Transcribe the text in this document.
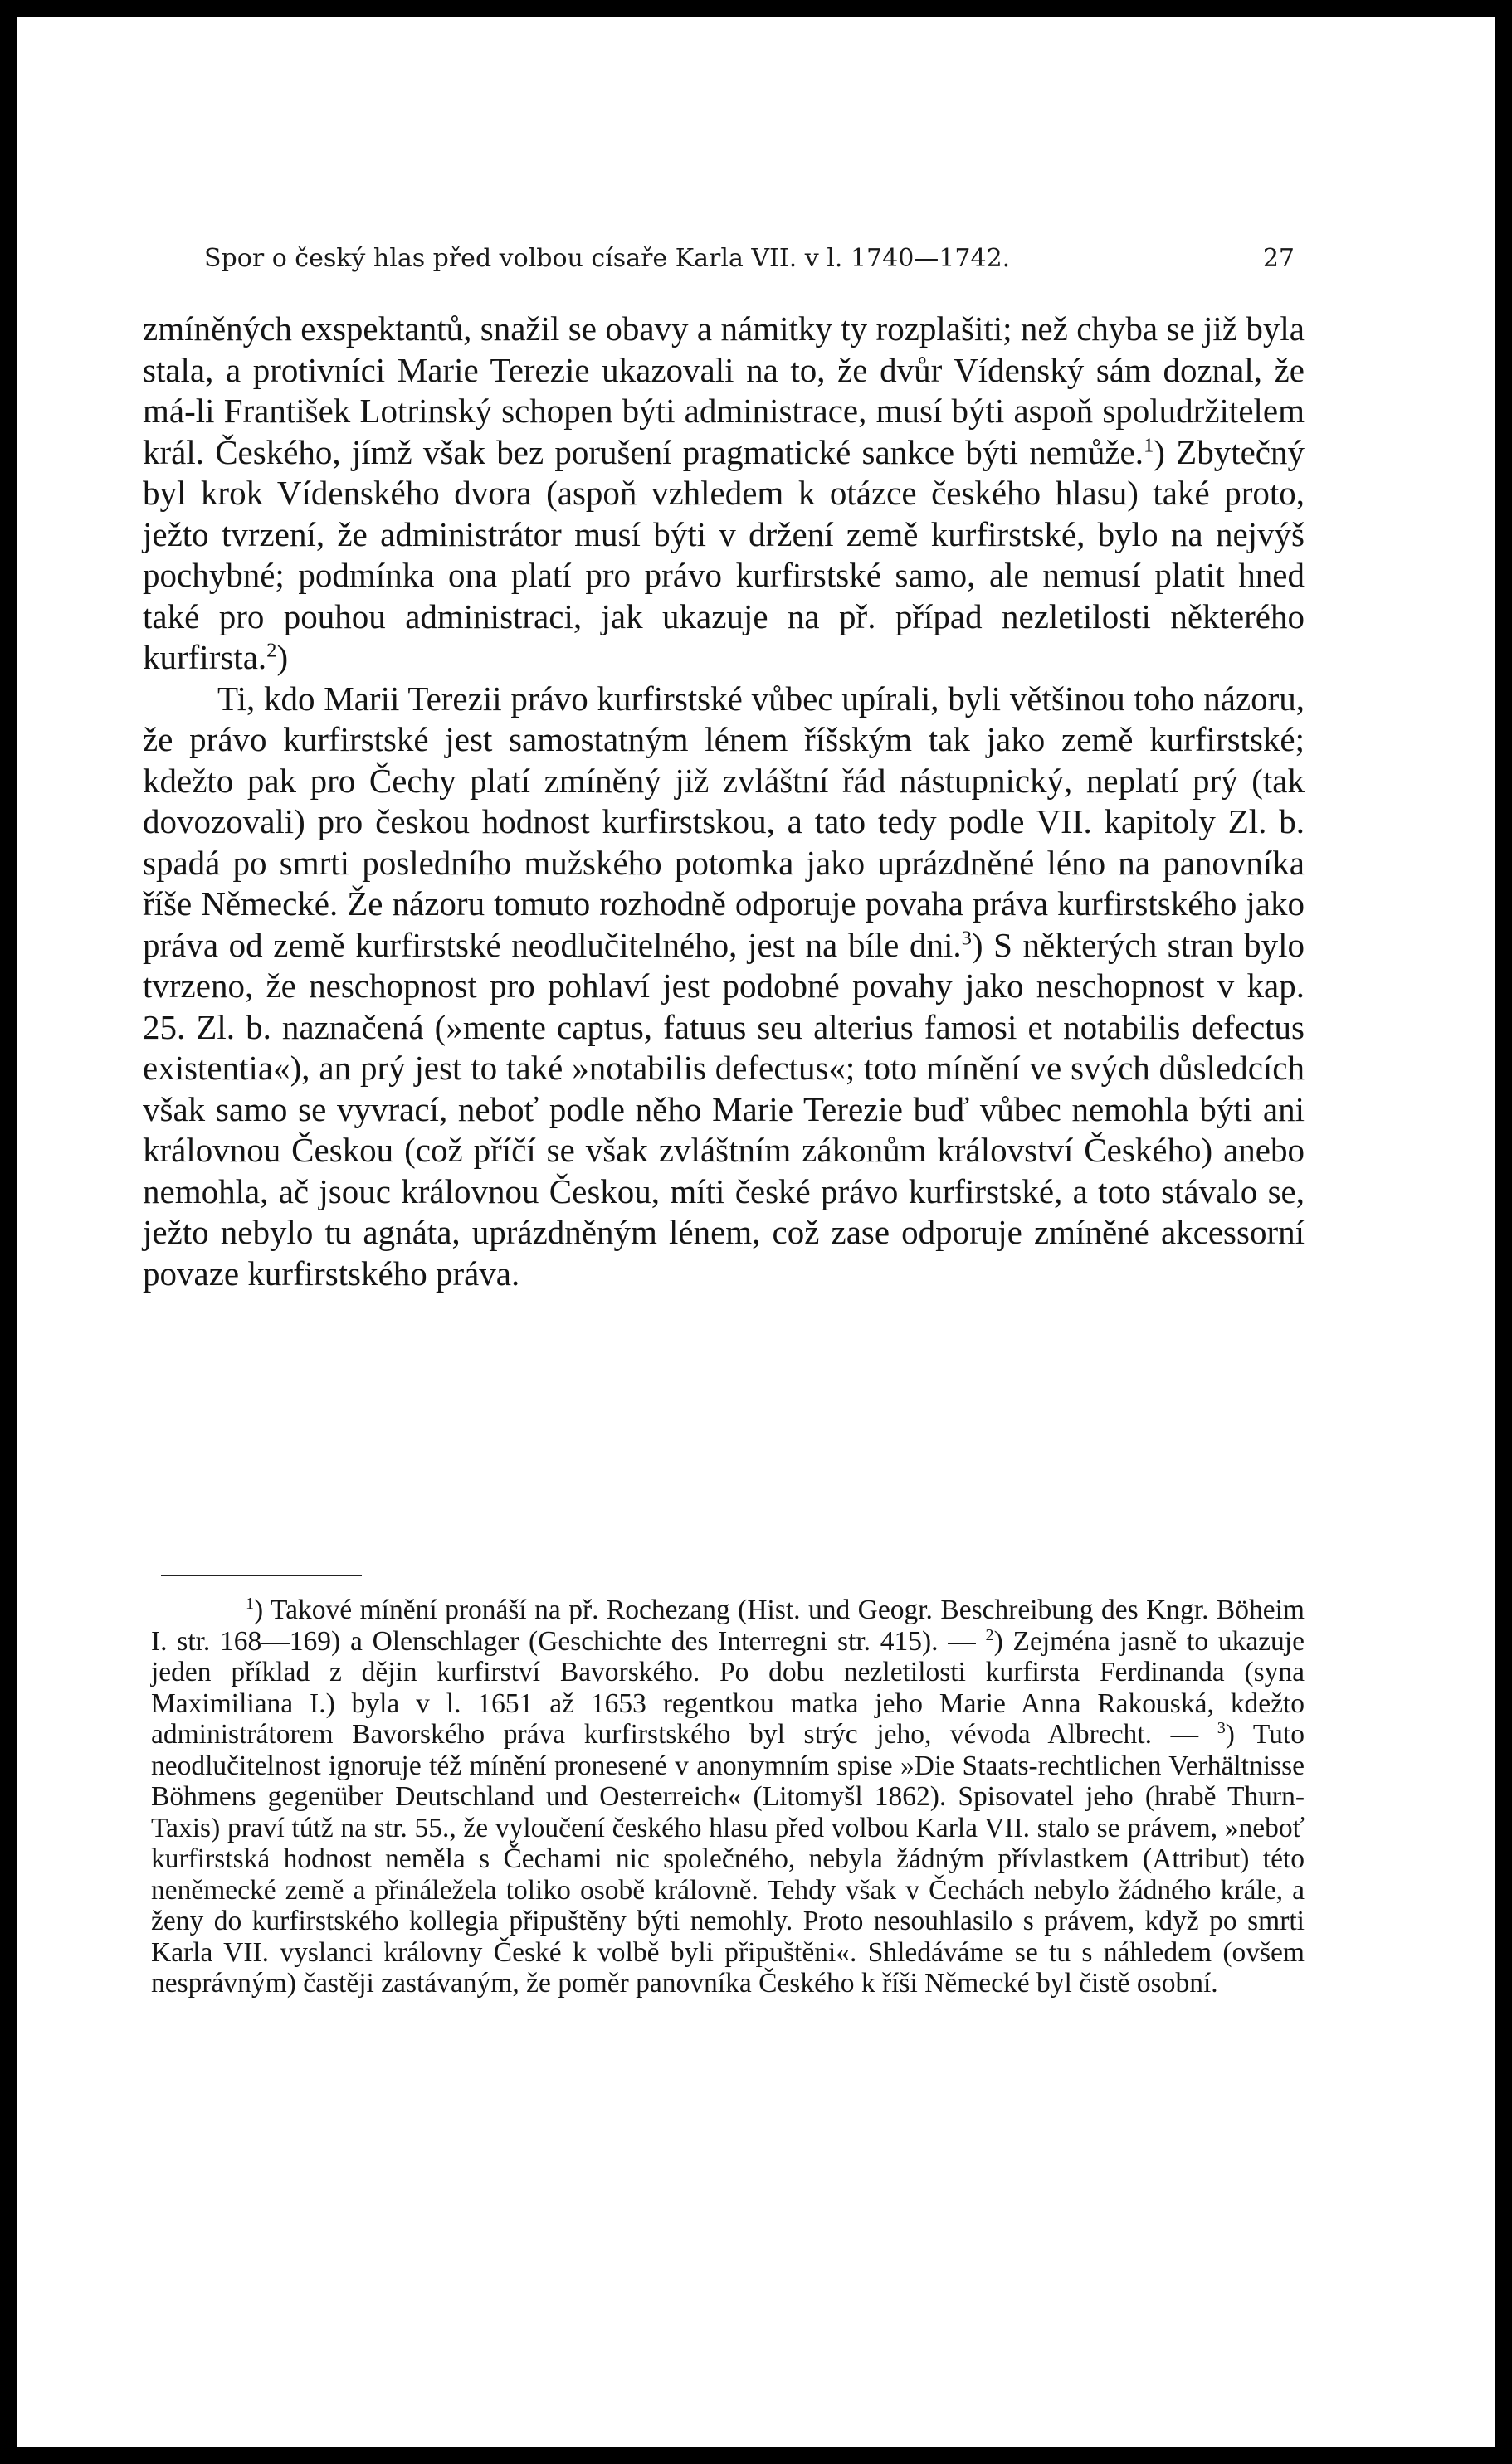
Spor o český hlas před volbou císaře Karla VII. v l. 1740—1742.	27

zmíněných exspektantů, snažil se obavy a námitky ty rozplašiti; než chyba se již byla stala, a protivníci Marie Terezie ukazovali na to, že dvůr Vídenský sám doznal, že má-li František Lotrinský schopen býti administrace, musí býti aspoň spoludržitelem král. Českého, jímž však bez porušení pragmatické sankce býti nemůže.$^1$) Zbytečný byl krok Vídenského dvora (aspoň vzhledem k otázce českého hlasu) také proto, ježto tvrzení, že administrátor musí býti v držení země kurfirstské, bylo na nejvýš pochybné; podmínka ona platí pro právo kurfirstské samo, ale nemusí platit hned také pro pouhou administraci, jak ukazuje na př. případ nezletilosti některého kurfirsta.$^2$)

Ti, kdo Marii Terezii právo kurfirstské vůbec upírali, byli většinou toho názoru, že právo kurfirstské jest samostatným lénem říšským tak jako země kurfirstské; kdežto pak pro Čechy platí zmíněný již zvláštní řád nástupnický, neplatí prý (tak dovozovali) pro českou hodnost kurfirstskou, a tato tedy podle VII. kapitoly Zl. b. spadá po smrti posledního mužského potomka jako uprázdněné léno na panovníka říše Německé. Že názoru tomuto rozhodně odporuje povaha práva kurfirstského jako práva od země kurfirstské neodlučitelného, jest na bíle dni.$^3$) S některých stran bylo tvrzeno, že neschopnost pro pohlaví jest podobné povahy jako neschopnost v kap. 25. Zl. b. naznačená (»mente captus, fatuus seu alterius famosi et notabilis defectus existentia«), an prý jest to také »notabilis defectus«; toto mínění ve svých důsledcích však samo se vyvrací, neboť podle něho Marie Terezie buď vůbec nemohla býti ani královnou Českou (což příčí se však zvláštním zákonům království Českého) anebo nemohla, ač jsouc královnou Českou, míti české právo kurfirstské, a toto stávalo se, ježto nebylo tu agnáta, uprázdněným lénem, což zase odporuje zmíněné akcessorní povaze kurfirstského práva.

$^1$) Takové mínění pronáší na př. Rochezang (Hist. und Geogr. Beschreibung des Kngr. Böheim I. str. 168—169) a Olenschlager (Geschichte des Interregni str. 415). — $^2$) Zejména jasně to ukazuje jeden příklad z dějin kurfirství Bavorského. Po dobu nezletilosti kurfirsta Ferdinanda (syna Maximiliana I.) byla v l. 1651 až 1653 regentkou matka jeho Marie Anna Rakouská, kdežto administrátorem Bavorského práva kurfirstského byl strýc jeho, vévoda Albrecht. — $^3$) Tuto neodlučitelnost ignoruje též mínění pronesené v anonymním spise »Die Staats-rechtlichen Verhältnisse Böhmens gegenüber Deutschland und Oesterreich« (Litomyšl 1862). Spisovatel jeho (hrabě Thurn-Taxis) praví tútž na str. 55., že vyloučení českého hlasu před volbou Karla VII. stalo se právem, »neboť kurfirstská hodnost neměla s Čechami nic společného, nebyla žádným přívlastkem (Attribut) této neněmecké země a přináležela toliko osobě královně. Tehdy však v Čechách nebylo žádného krále, a ženy do kurfirstského kollegia připuštěny býti nemohly. Proto nesouhlasilo s právem, když po smrti Karla VII. vyslanci královny České k volbě byli připuštěni«. Shledáváme se tu s náhledem (ovšem nesprávným) častěji zastávaným, že poměr panovníka Českého k říši Německé byl čistě osobní.
